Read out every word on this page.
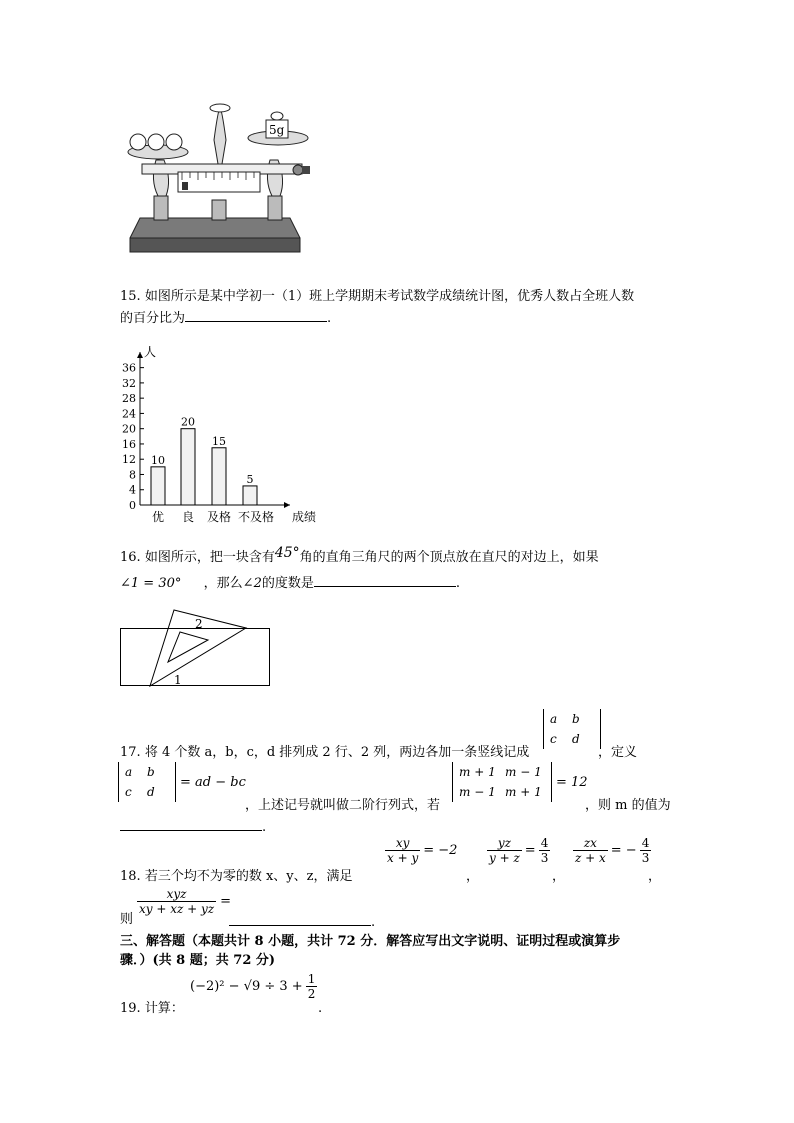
5g
15. 如图所示是某中学初一（1）班上学期期末考试数学成绩统计图，优秀人数占全班人数
的百分比为	.
人
成绩
0
4
8
12
16
20
24
28
32
36
10
优
20
良
15
及格
5
不及格
16. 如图所示，把一块含有45°角的直角三角尺的两个顶点放在直尺的对边上，如果
∠1 = 30° ，那么∠2的度数是	.
2
1
a b
c d
17. 将 4 个数 a，b，c，d 排列成 2 行、2 列，两边各加一条竖线记成	，定义
a b
c d
= ad − bc
m + 1 m − 1
m − 1 m + 1
= 12
，上述记号就叫做二阶行列式，若	，则 m 的值为
.
$\frac{xy}{x + y} = -2 \frac{yz}{y + z} = \frac{4}{3} \frac{zx}{z + x}$ = − $\frac{4}{3}$
18. 若三个均不为零的数 x、y、z，满足	，	，	，
$\frac{\text{xyz}}{xy + xz + yz}$ =
则	.
三、解答题（本题共计 8 小题，共计 72 分．解答应写出文字说明、证明过程或演算步
骤．）(共 8 题；共 72 分)
$(-2)^2 - √9 \div 3 + \frac{1}{2}$
19. 计算：	.
